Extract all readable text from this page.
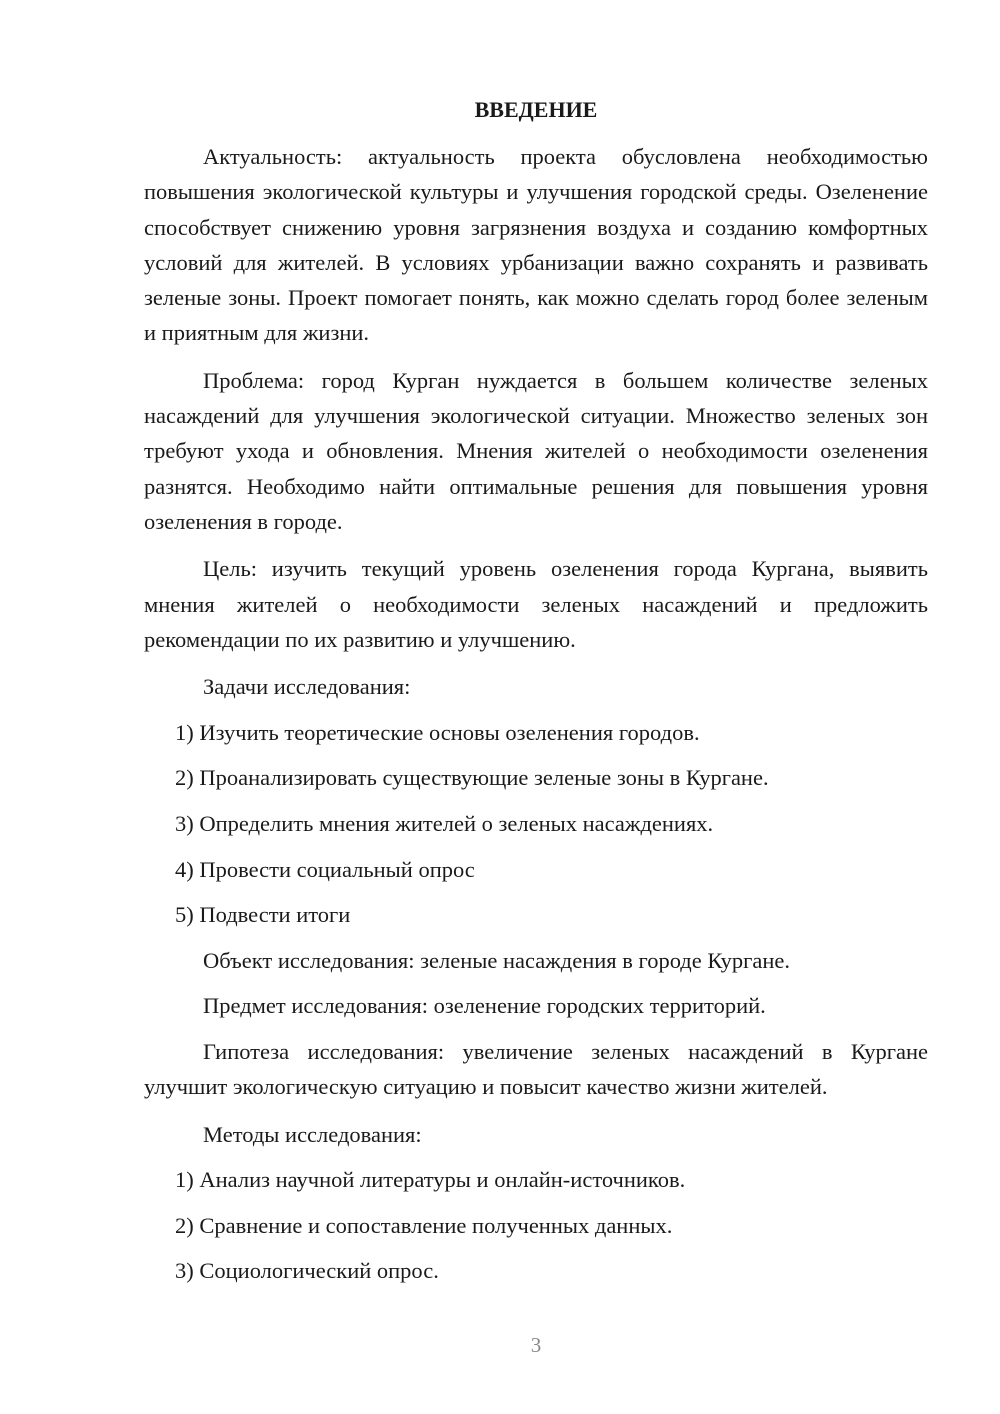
ВВЕДЕНИЕ

Актуальность: актуальность проекта обусловлена необходимостью повышения экологической культуры и улучшения городской среды. Озеленение способствует снижению уровня загрязнения воздуха и созданию комфортных условий для жителей. В условиях урбанизации важно сохранять и развивать зеленые зоны. Проект помогает понять, как можно сделать город более зеленым и приятным для жизни.

Проблема: город Курган нуждается в большем количестве зеленых насаждений для улучшения экологической ситуации. Множество зеленых зон требуют ухода и обновления. Мнения жителей о необходимости озеленения разнятся. Необходимо найти оптимальные решения для повышения уровня озеленения в городе.

Цель: изучить текущий уровень озеленения города Кургана, выявить мнения жителей о необходимости зеленых насаждений и предложить рекомендации по их развитию и улучшению.

Задачи исследования:
1) Изучить теоретические основы озеленения городов.
2) Проанализировать существующие зеленые зоны в Кургане.
3) Определить мнения жителей о зеленых насаждениях.
4) Провести социальный опрос
5) Подвести итоги
Объект исследования: зеленые насаждения в городе Кургане.
Предмет исследования: озеленение городских территорий.

Гипотеза исследования: увеличение зеленых насаждений в Кургане улучшит экологическую ситуацию и повысит качество жизни жителей.

Методы исследования:
1) Анализ научной литературы и онлайн-источников.
2) Сравнение и сопоставление полученных данных.
3) Социологический опрос.
3
